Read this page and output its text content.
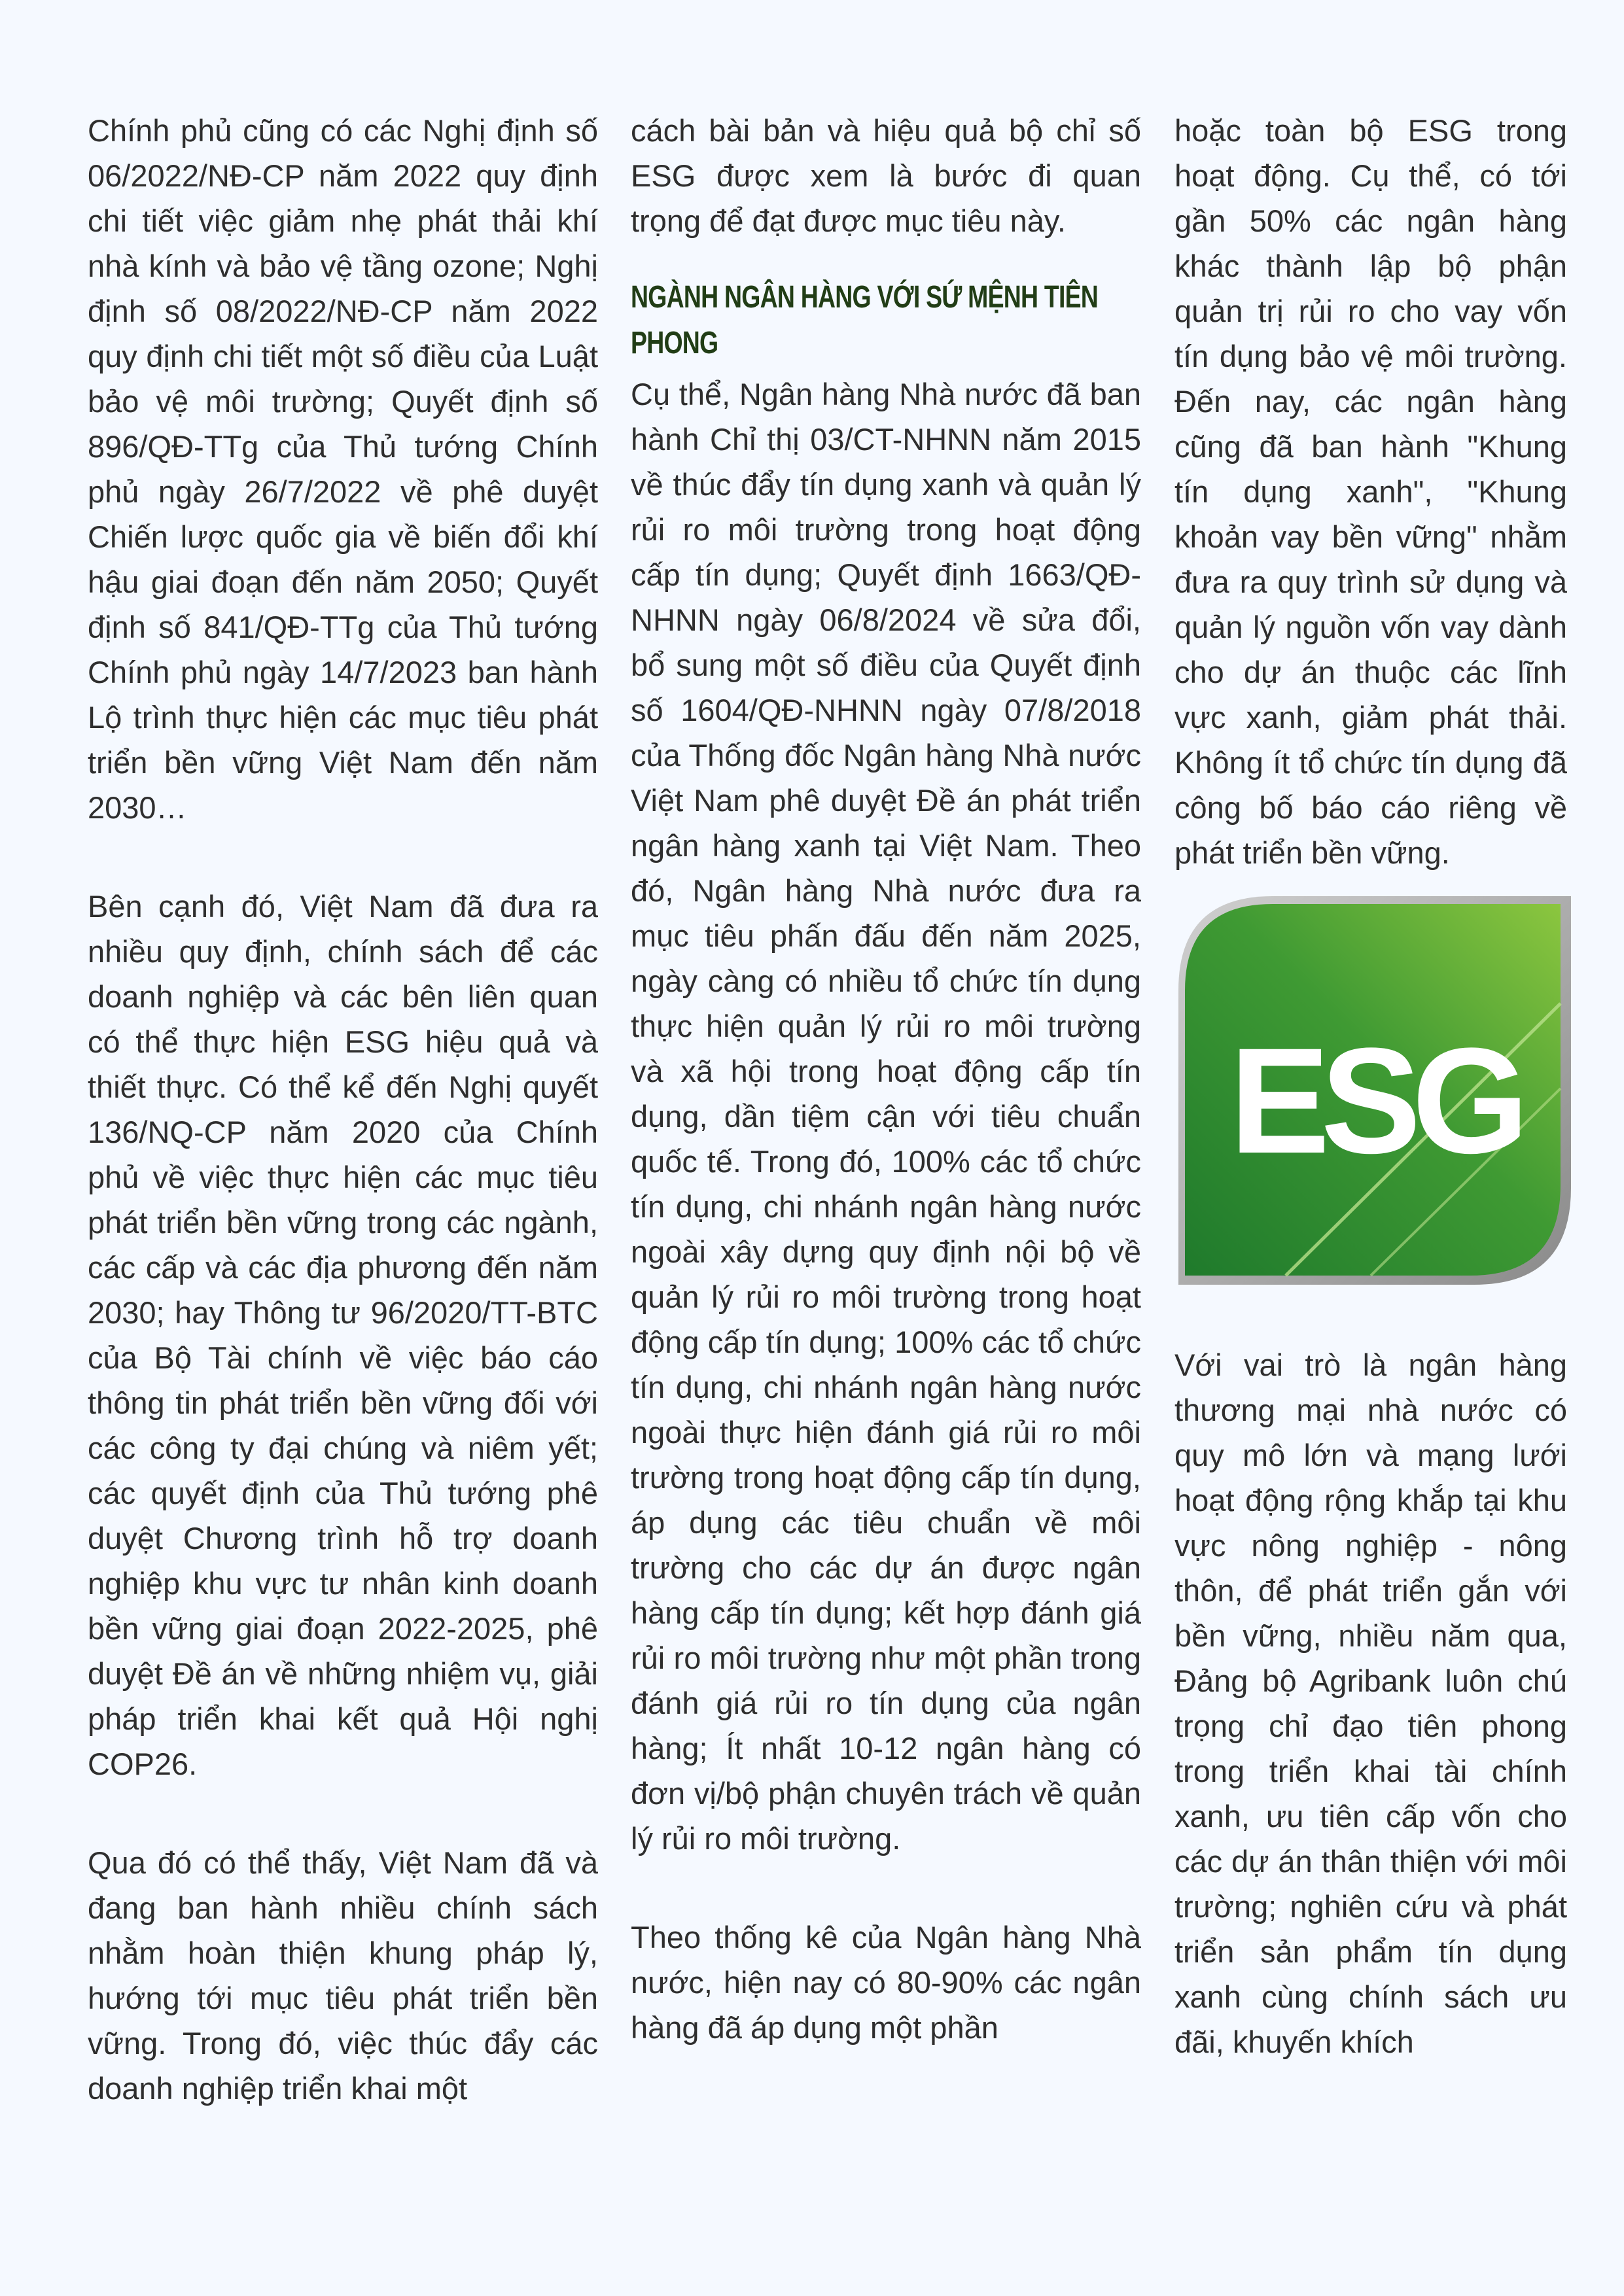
Chính phủ cũng có các Nghị định số 06/2022/NĐ-CP năm 2022 quy định chi tiết việc giảm nhẹ phát thải khí nhà kính và bảo vệ tầng ozone; Nghị định số 08/2022/NĐ-CP năm 2022 quy định chi tiết một số điều của Luật bảo vệ môi trường; Quyết định số 896/QĐ-TTg của Thủ tướng Chính phủ ngày 26/7/2022 về phê duyệt Chiến lược quốc gia về biến đổi khí hậu giai đoạn đến năm 2050; Quyết định số 841/QĐ-TTg của Thủ tướng Chính phủ ngày 14/7/2023 ban hành Lộ trình thực hiện các mục tiêu phát triển bền vững Việt Nam đến năm 2030…

Bên cạnh đó, Việt Nam đã đưa ra nhiều quy định, chính sách để các doanh nghiệp và các bên liên quan có thể thực hiện ESG hiệu quả và thiết thực. Có thể kể đến Nghị quyết 136/NQ-CP năm 2020 của Chính phủ về việc thực hiện các mục tiêu phát triển bền vững trong các ngành, các cấp và các địa phương đến năm 2030; hay Thông tư 96/2020/TT-BTC của Bộ Tài chính về việc báo cáo thông tin phát triển bền vững đối với các công ty đại chúng và niêm yết; các quyết định của Thủ tướng phê duyệt Chương trình hỗ trợ doanh nghiệp khu vực tư nhân kinh doanh bền vững giai đoạn 2022-2025, phê duyệt Đề án về những nhiệm vụ, giải pháp triển khai kết quả Hội nghị COP26.

Qua đó có thể thấy, Việt Nam đã và đang ban hành nhiều chính sách nhằm hoàn thiện khung pháp lý, hướng tới mục tiêu phát triển bền vững. Trong đó, việc thúc đẩy các doanh nghiệp triển khai một

cách bài bản và hiệu quả bộ chỉ số ESG được xem là bước đi quan trọng để đạt được mục tiêu này.

NGÀNH NGÂN HÀNG VỚI SỨ MỆNH TIÊN PHONG

Cụ thể, Ngân hàng Nhà nước đã ban hành Chỉ thị 03/CT-NHNN năm 2015 về thúc đẩy tín dụng xanh và quản lý rủi ro môi trường trong hoạt động cấp tín dụng; Quyết định 1663/QĐ-NHNN ngày 06/8/2024 về sửa đổi, bổ sung một số điều của Quyết định số 1604/QĐ-NHNN ngày 07/8/2018 của Thống đốc Ngân hàng Nhà nước Việt Nam phê duyệt Đề án phát triển ngân hàng xanh tại Việt Nam. Theo đó, Ngân hàng Nhà nước đưa ra mục tiêu phấn đấu đến năm 2025, ngày càng có nhiều tổ chức tín dụng thực hiện quản lý rủi ro môi trường và xã hội trong hoạt động cấp tín dụng, dần tiệm cận với tiêu chuẩn quốc tế. Trong đó, 100% các tổ chức tín dụng, chi nhánh ngân hàng nước ngoài xây dựng quy định nội bộ về quản lý rủi ro môi trường trong hoạt động cấp tín dụng; 100% các tổ chức tín dụng, chi nhánh ngân hàng nước ngoài thực hiện đánh giá rủi ro môi trường trong hoạt động cấp tín dụng, áp dụng các tiêu chuẩn về môi trường cho các dự án được ngân hàng cấp tín dụng; kết hợp đánh giá rủi ro môi trường như một phần trong đánh giá rủi ro tín dụng của ngân hàng; Ít nhất 10-12 ngân hàng có đơn vị/bộ phận chuyên trách về quản lý rủi ro môi trường.

Theo thống kê của Ngân hàng Nhà nước, hiện nay có 80-90% các ngân hàng đã áp dụng một phần

hoặc toàn bộ ESG trong hoạt động. Cụ thể, có tới gần 50% các ngân hàng khác thành lập bộ phận quản trị rủi ro cho vay vốn tín dụng bảo vệ môi trường. Đến nay, các ngân hàng cũng đã ban hành "Khung tín dụng xanh", "Khung khoản vay bền vững" nhằm đưa ra quy trình sử dụng và quản lý nguồn vốn vay dành cho dự án thuộc các lĩnh vực xanh, giảm phát thải. Không ít tổ chức tín dụng đã công bố báo cáo riêng về phát triển bền vững.

ESG

Với vai trò là ngân hàng thương mại nhà nước có quy mô lớn và mạng lưới hoạt động rộng khắp tại khu vực nông nghiệp - nông thôn, để phát triển gắn với bền vững, nhiều năm qua, Đảng bộ Agribank luôn chú trọng chỉ đạo tiên phong trong triển khai tài chính xanh, ưu tiên cấp vốn cho các dự án thân thiện với môi trường; nghiên cứu và phát triển sản phẩm tín dụng xanh cùng chính sách ưu đãi, khuyến khích
